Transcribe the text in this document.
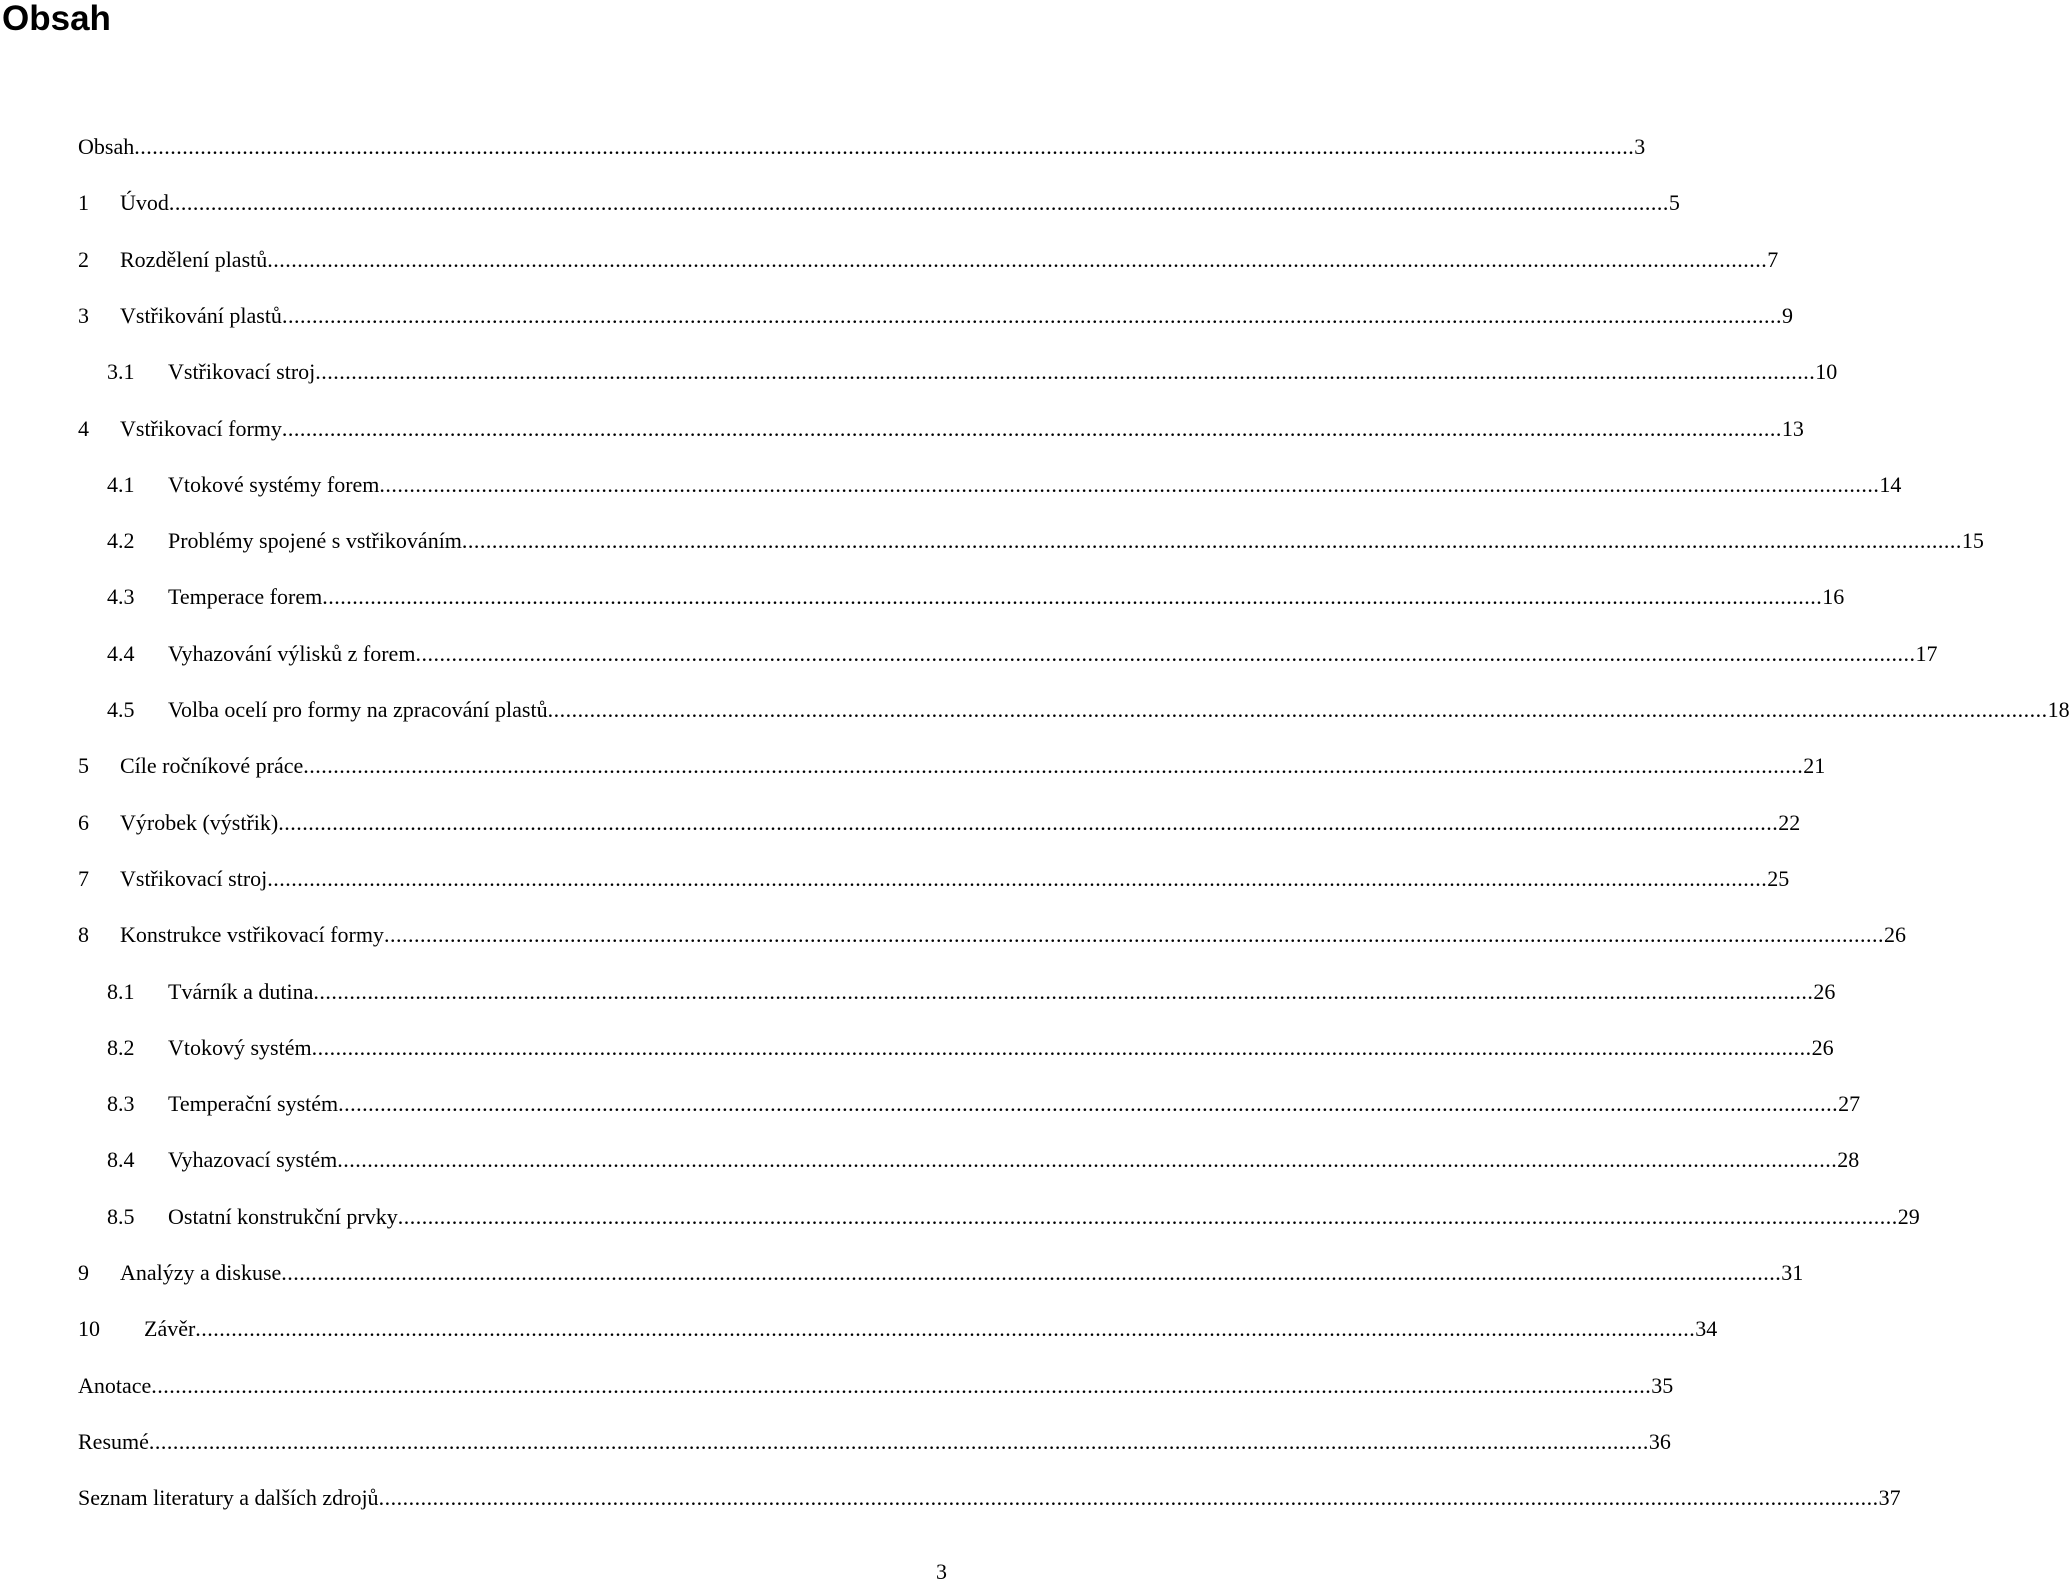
Obsah
Obsah .......................................................................................................................................................................................................................................................... 3
1	Úvod .......................................................................................................................................................................................................................................................... 5
2	Rozdělení plastů .......................................................................................................................................................................................................................................................... 7
3	Vstřikování plastů .......................................................................................................................................................................................................................................................... 9
3.1	Vstřikovací stroj .......................................................................................................................................................................................................................................................... 10
4	Vstřikovací formy .......................................................................................................................................................................................................................................................... 13
4.1	Vtokové systémy forem .......................................................................................................................................................................................................................................................... 14
4.2	Problémy spojené s vstřikováním .......................................................................................................................................................................................................................................................... 15
4.3	Temperace forem .......................................................................................................................................................................................................................................................... 16
4.4	Vyhazování výlisků z forem .......................................................................................................................................................................................................................................................... 17
4.5	Volba ocelí pro formy na zpracování plastů .......................................................................................................................................................................................................................................................... 18
5	Cíle ročníkové práce .......................................................................................................................................................................................................................................................... 21
6	Výrobek (výstřik) .......................................................................................................................................................................................................................................................... 22
7	Vstřikovací stroj .......................................................................................................................................................................................................................................................... 25
8	Konstrukce vstřikovací formy .......................................................................................................................................................................................................................................................... 26
8.1	Tvárník a dutina .......................................................................................................................................................................................................................................................... 26
8.2	Vtokový systém .......................................................................................................................................................................................................................................................... 26
8.3	Temperační systém .......................................................................................................................................................................................................................................................... 27
8.4	Vyhazovací systém .......................................................................................................................................................................................................................................................... 28
8.5	Ostatní konstrukční prvky .......................................................................................................................................................................................................................................................... 29
9	Analýzy a diskuse .......................................................................................................................................................................................................................................................... 31
10	Závěr .......................................................................................................................................................................................................................................................... 34
Anotace .......................................................................................................................................................................................................................................................... 35
Resumé .......................................................................................................................................................................................................................................................... 36
Seznam literatury a dalších zdrojů .......................................................................................................................................................................................................................................................... 37
3
